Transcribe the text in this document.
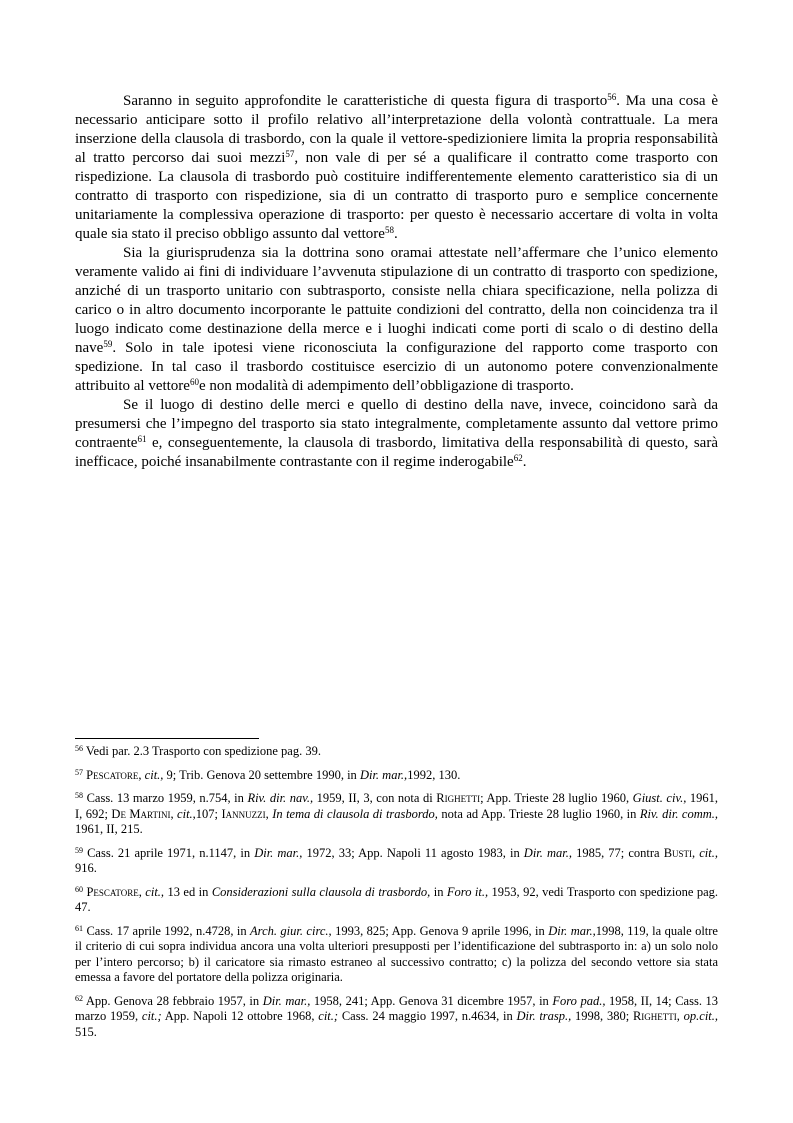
Saranno in seguito approfondite le caratteristiche di questa figura di trasporto$^{56}$. Ma una cosa è necessario anticipare sotto il profilo relativo all’interpretazione della volontà contrattuale. La mera inserzione della clausola di trasbordo, con la quale il vettore-spedizioniere limita la propria responsabilità al tratto percorso dai suoi mezzi$^{57}$, non vale di per sé a qualificare il contratto come trasporto con rispedizione. La clausola di trasbordo può costituire indifferentemente elemento caratteristico sia di un contratto di trasporto con rispedizione, sia di un contratto di trasporto puro e semplice concernente unitariamente la complessiva operazione di trasporto: per questo è necessario accertare di volta in volta quale sia stato il preciso obbligo assunto dal vettore$^{58}$.

Sia la giurisprudenza sia la dottrina sono oramai attestate nell’affermare che l’unico elemento veramente valido ai fini di individuare l’avvenuta stipulazione di un contratto di trasporto con spedizione, anziché di un trasporto unitario con subtrasporto, consiste nella chiara specificazione, nella polizza di carico o in altro documento incorporante le pattuite condizioni del contratto, della non coincidenza tra il luogo indicato come destinazione della merce e i luoghi indicati come porti di scalo o di destino della nave$^{59}$. Solo in tale ipotesi viene riconosciuta la configurazione del rapporto come trasporto con spedizione. In tal caso il trasbordo costituisce esercizio di un autonomo potere convenzionalmente attribuito al vettore$^{60}$e non modalità di adempimento dell’obbligazione di trasporto.

Se il luogo di destino delle merci e quello di destino della nave, invece, coincidono sarà da presumersi che l’impegno del trasporto sia stato integralmente, completamente assunto dal vettore primo contraente$^{61}$ e, conseguentemente, la clausola di trasbordo, limitativa della responsabilità di questo, sarà inefficace, poiché insanabilmente contrastante con il regime inderogabile$^{62}$.

$^{56}$ Vedi par. 2.3 Trasporto con spedizione pag. 39.

$^{57}$ Pescatore, cit., 9; Trib. Genova 20 settembre 1990, in Dir. mar.,1992, 130.

$^{58}$ Cass. 13 marzo 1959, n.754, in Riv. dir. nav., 1959, II, 3, con nota di Righetti; App. Trieste 28 luglio 1960, Giust. civ., 1961, I, 692; De Martini, cit.,107; Iannuzzi, In tema di clausola di trasbordo, nota ad App. Trieste 28 luglio 1960, in Riv. dir. comm., 1961, II, 215.

$^{59}$ Cass. 21 aprile 1971, n.1147, in Dir. mar., 1972, 33; App. Napoli 11 agosto 1983, in Dir. mar., 1985, 77; contra Busti, cit., 916.

$^{60}$ Pescatore, cit., 13 ed in Considerazioni sulla clausola di trasbordo, in Foro it., 1953, 92, vedi Trasporto con spedizione pag. 47.

$^{61}$ Cass. 17 aprile 1992, n.4728, in Arch. giur. circ., 1993, 825; App. Genova 9 aprile 1996, in Dir. mar.,1998, 119, la quale oltre il criterio di cui sopra individua ancora una volta ulteriori presupposti per l’identificazione del subtrasporto in: a) un solo nolo per l’intero percorso; b) il caricatore sia rimasto estraneo al successivo contratto; c) la polizza del secondo vettore sia stata emessa a favore del portatore della polizza originaria.

$^{62}$ App. Genova 28 febbraio 1957, in Dir. mar., 1958, 241; App. Genova 31 dicembre 1957, in Foro pad., 1958, II, 14; Cass. 13 marzo 1959, cit.; App. Napoli 12 ottobre 1968, cit.; Cass. 24 maggio 1997, n.4634, in Dir. trasp., 1998, 380; Righetti, op.cit., 515.
